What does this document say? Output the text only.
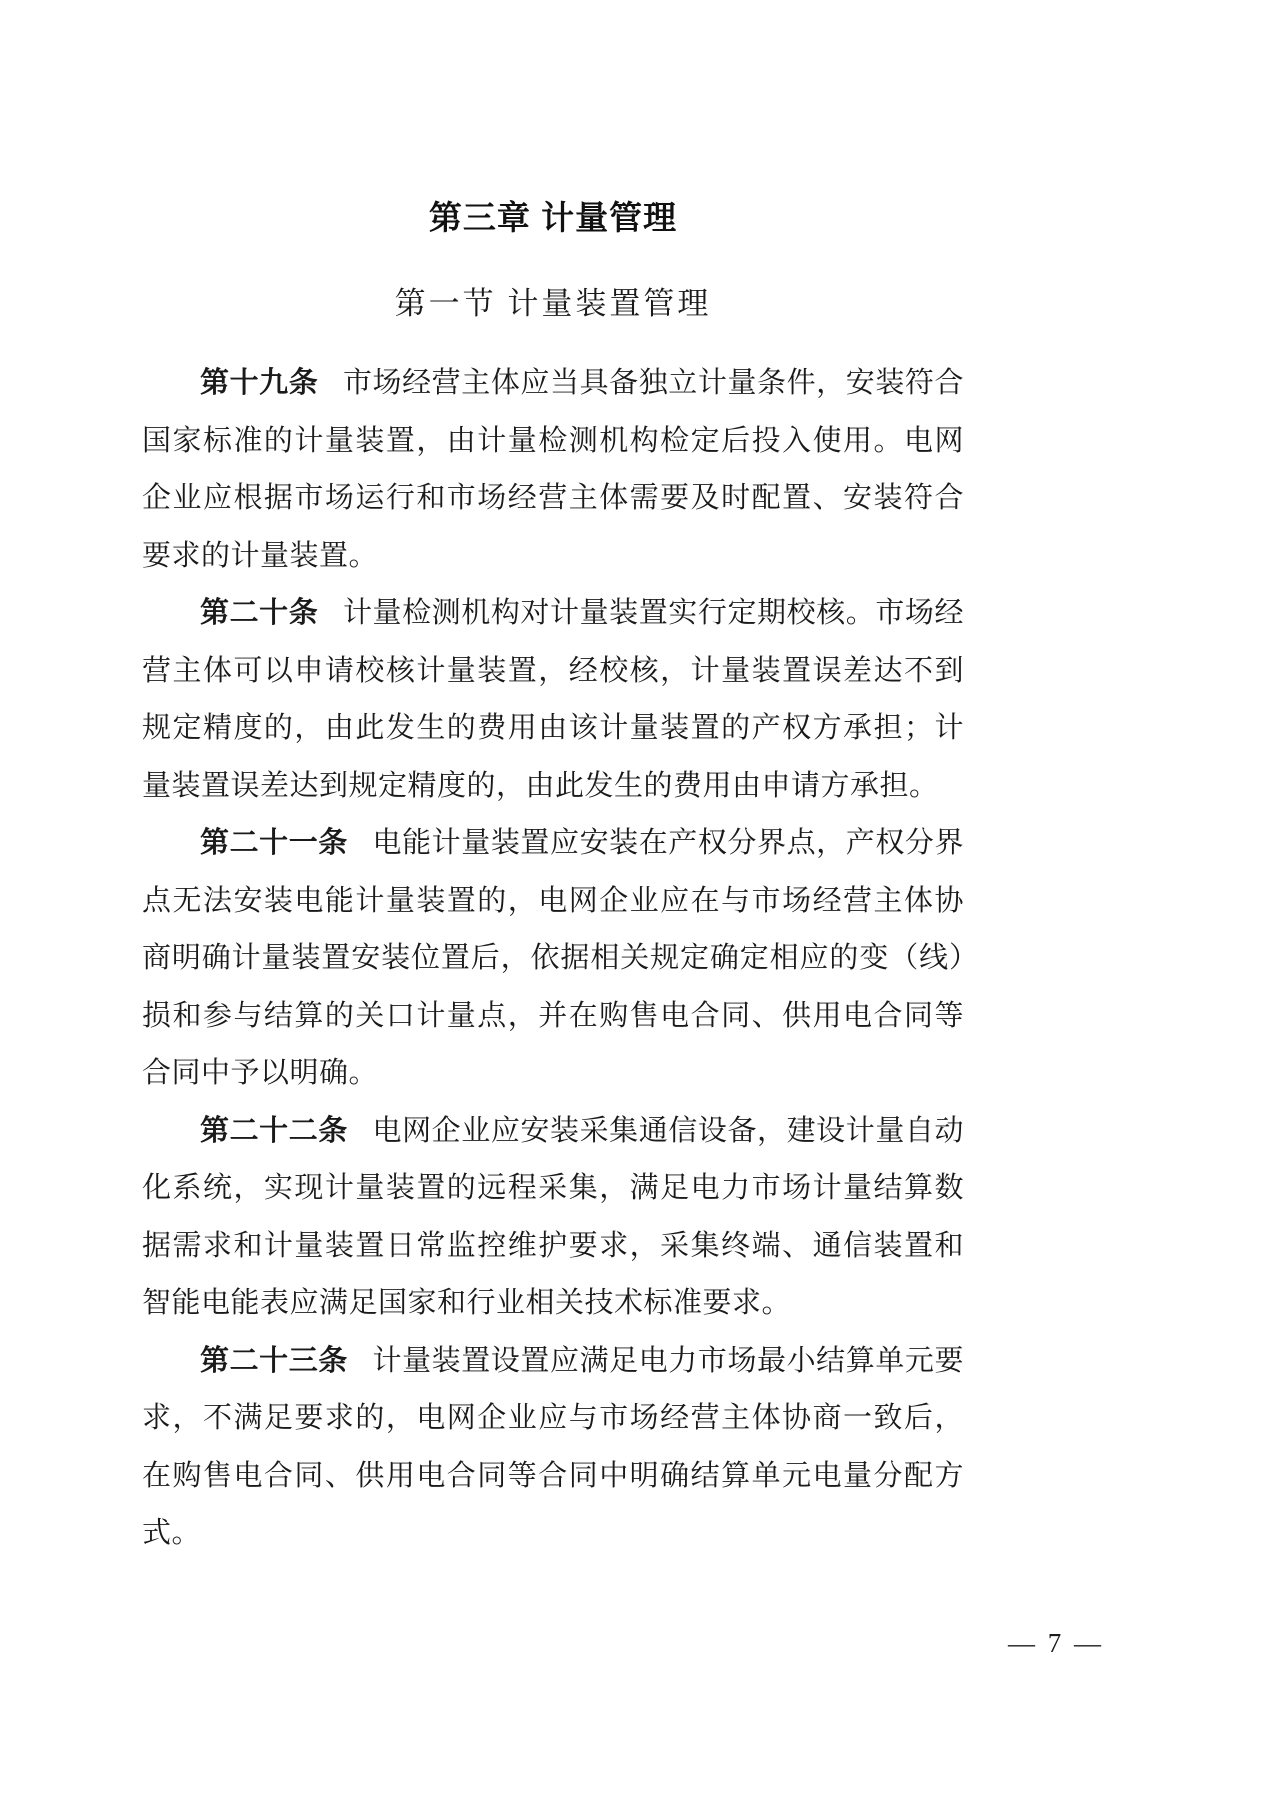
第三章 计量管理
第一节 计量装置管理

第十九条 市场经营主体应当具备独立计量条件，安装符合国家标准的计量装置，由计量检测机构检定后投入使用。电网企业应根据市场运行和市场经营主体需要及时配置、安装符合要求的计量装置。

第二十条 计量检测机构对计量装置实行定期校核。市场经营主体可以申请校核计量装置，经校核，计量装置误差达不到规定精度的，由此发生的费用由该计量装置的产权方承担；计量装置误差达到规定精度的，由此发生的费用由申请方承担。

第二十一条 电能计量装置应安装在产权分界点，产权分界点无法安装电能计量装置的，电网企业应在与市场经营主体协商明确计量装置安装位置后，依据相关规定确定相应的变（线）损和参与结算的关口计量点，并在购售电合同、供用电合同等合同中予以明确。

第二十二条 电网企业应安装采集通信设备，建设计量自动化系统，实现计量装置的远程采集，满足电力市场计量结算数据需求和计量装置日常监控维护要求，采集终端、通信装置和智能电能表应满足国家和行业相关技术标准要求。

第二十三条 计量装置设置应满足电力市场最小结算单元要求，不满足要求的，电网企业应与市场经营主体协商一致后，在购售电合同、供用电合同等合同中明确结算单元电量分配方式。

— 7 —
